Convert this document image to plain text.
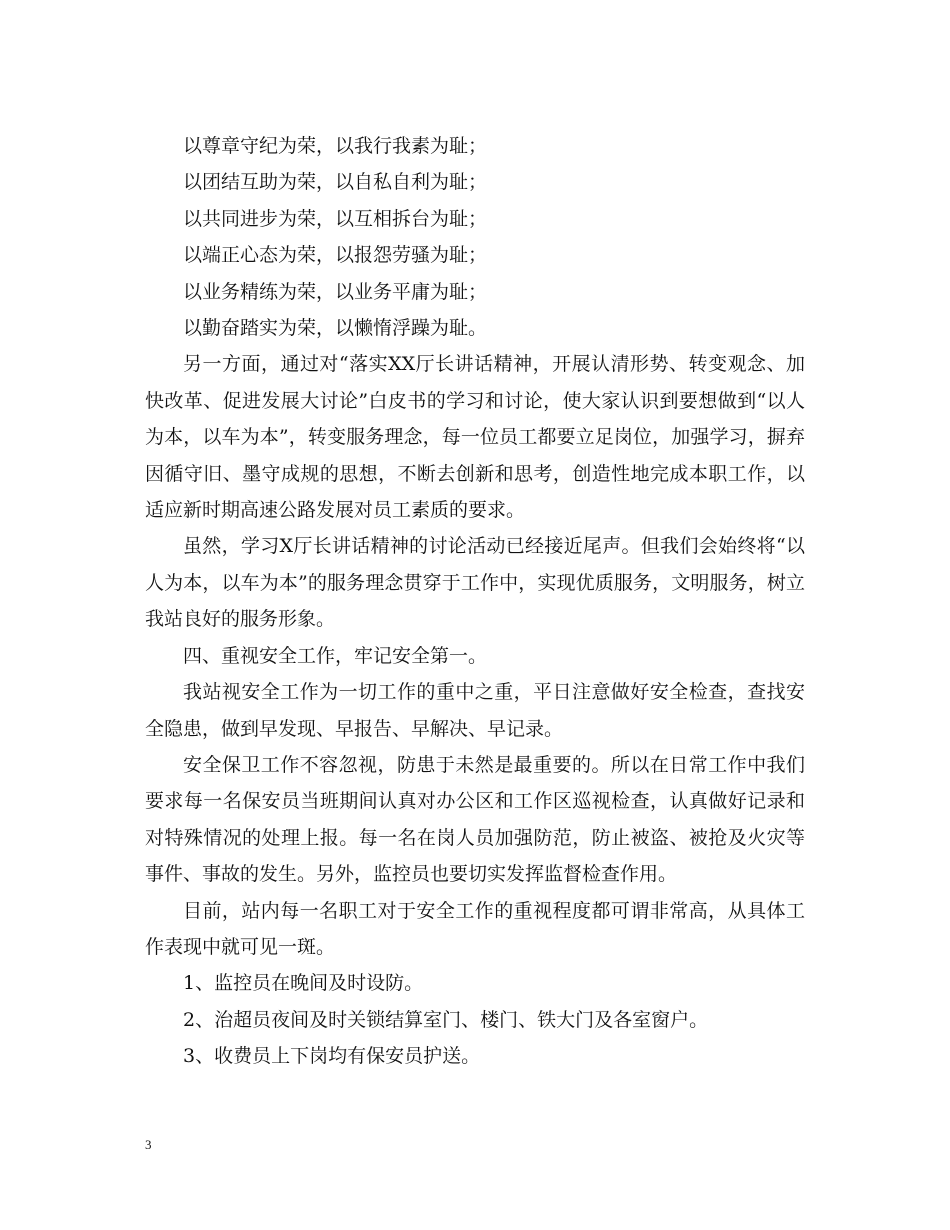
以尊章守纪为荣，以我行我素为耻；

以团结互助为荣，以自私自利为耻；

以共同进步为荣，以互相拆台为耻；

以端正心态为荣，以报怨劳骚为耻；

以业务精练为荣，以业务平庸为耻；

以勤奋踏实为荣，以懒惰浮躁为耻。

另一方面，通过对“落实XX厅长讲话精神，开展认清形势、转变观念、加快改革、促进发展大讨论”白皮书的学习和讨论，使大家认识到要想做到“以人为本，以车为本”，转变服务理念，每一位员工都要立足岗位，加强学习，摒弃因循守旧、墨守成规的思想，不断去创新和思考，创造性地完成本职工作，以适应新时期高速公路发展对员工素质的要求。

虽然，学习X厅长讲话精神的讨论活动已经接近尾声。但我们会始终将“以人为本，以车为本”的服务理念贯穿于工作中，实现优质服务，文明服务，树立我站良好的服务形象。

四、重视安全工作，牢记安全第一。

我站视安全工作为一切工作的重中之重，平日注意做好安全检查，查找安全隐患，做到早发现、早报告、早解决、早记录。

安全保卫工作不容忽视，防患于未然是最重要的。所以在日常工作中我们要求每一名保安员当班期间认真对办公区和工作区巡视检查，认真做好记录和对特殊情况的处理上报。每一名在岗人员加强防范，防止被盗、被抢及火灾等事件、事故的发生。另外，监控员也要切实发挥监督检查作用。

目前，站内每一名职工对于安全工作的重视程度都可谓非常高，从具体工作表现中就可见一斑。

1、监控员在晚间及时设防。

2、治超员夜间及时关锁结算室门、楼门、铁大门及各室窗户。

3、收费员上下岗均有保安员护送。

3
